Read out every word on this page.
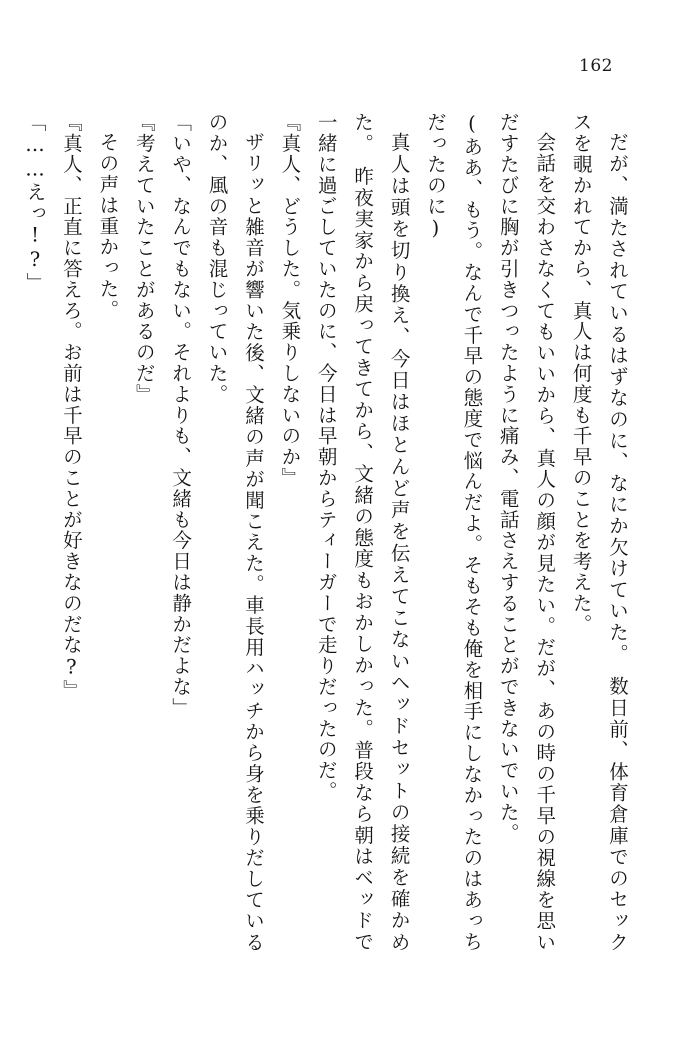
162

だが、満たされているはずなのに、なにか欠けていた。　数日前、体育倉庫でのセックスを覗かれてから、真人は何度も千早のことを考えた。

会話を交わさなくてもいいから、真人の顔が見たい。だが、あの時の千早の視線を思いだすたびに胸が引きつったように痛み、電話さえすることができないでいた。

(ああ、もう。なんで千早の態度で悩んだよ。そもそも俺を相手にしなかったのはあっちだったのに)

真人は頭を切り換え、今日はほとんど声を伝えてこないヘッドセットの接続を確かめた。　昨夜実家から戻ってきてから、文緒の態度もおかしかった。普段なら朝はベッドで一緒に過ごしていたのに、今日は早朝からティーガーで走りだったのだ。

『真人、どうした。気乗りしないのか』

ザリッと雑音が響いた後、文緒の声が聞こえた。車長用ハッチから身を乗りだしているのか、風の音も混じっていた。

「いや、なんでもない。それよりも、文緒も今日は静かだよな」

『考えていたことがあるのだ』

その声は重かった。

『真人、正直に答えろ。お前は千早のことが好きなのだな?』

「……えっ!?」
